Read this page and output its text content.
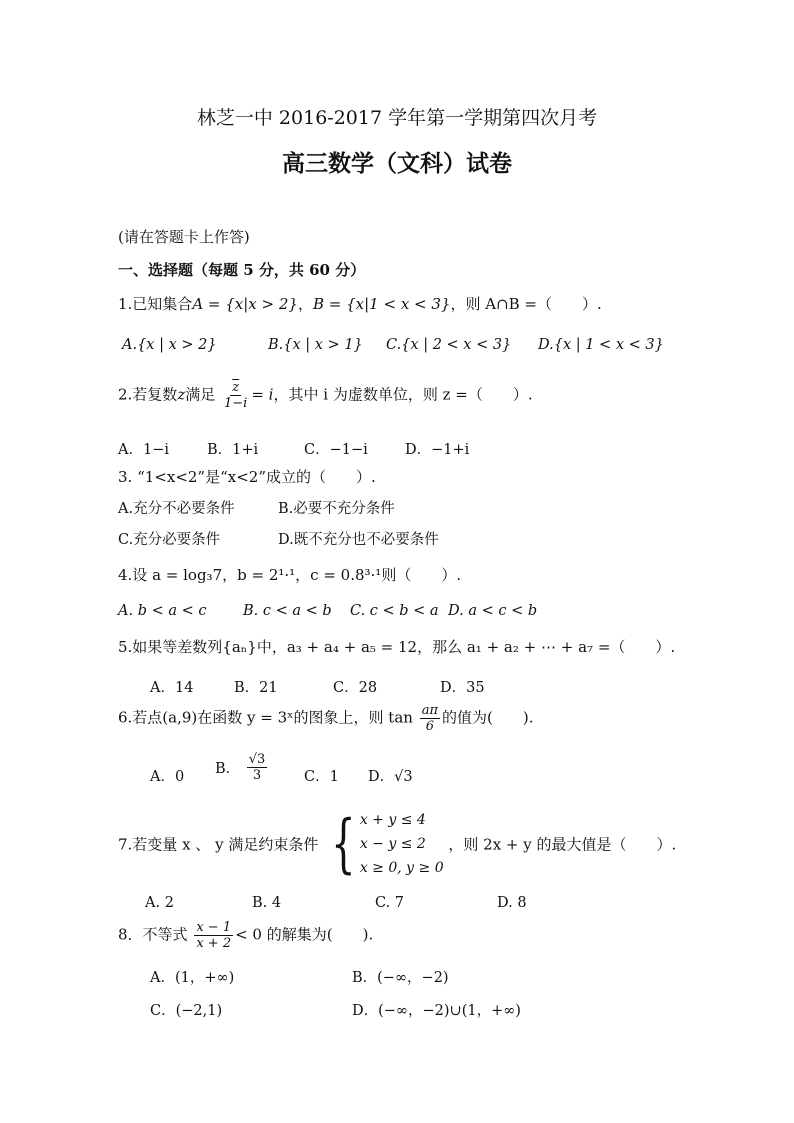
林芝一中 2016-2017 学年第一学期第四次月考
高三数学（文科）试卷
(请在答题卡上作答)
一、选择题（每题 5 分，共 60 分）
1.已知集合A = {x|x > 2}，B = {x|1 < x < 3}，则 A∩B =（　　）.
A.{x | x > 2}	B.{x | x > 1} C.{x | 2 < x < 3} D.{x | 1 < x < 3}
2.若复数z满足 $\frac{\overline{z}}{1-i} = i$，其中 i 为虚数单位，则 z =（　　）.
A．1−i	B．1+i	C．−1−i	D．−1+i
3. “1<x<2”是“x<2”成立的（　　）.
A.充分不必要条件	B.必要不充分条件
C.充分必要条件	D.既不充分也不必要条件
4.设 a = log₃7，b = 2¹·¹，c = 0.8³·¹则（　　）.
A. b < a < c	B. c < a < b C. c < b < a D. a < c < b
5.如果等差数列{aₙ}中，a₃ + a₄ + a₅ = 12，那么 a₁ + a₂ + ⋯ + a₇ =（　　）.
A．14	B．21	C．28	D．35
6.若点(a,9)在函数 y = 3ˣ的图象上，则 $\tan \frac{a\pi}{6}$ 的值为(　　).
A．0 B． $\frac{√3}{3}$	C．1 D．√3
7.若变量 x 、 y 满足约束条件 { x + y ≤ 4
x − y ≤ 2
x ≥ 0, y ≥ 0
，则 2x + y 的最大值是（　　）.
A. 2	B. 4	C. 7	D. 8
8．不等式 $\frac{x - 1}{x + 2} < 0$ 的解集为(　　).
A．(1，+∞)	B．(−∞，−2)
C．(−2,1)	D．(−∞，−2)∪(1，+∞)
